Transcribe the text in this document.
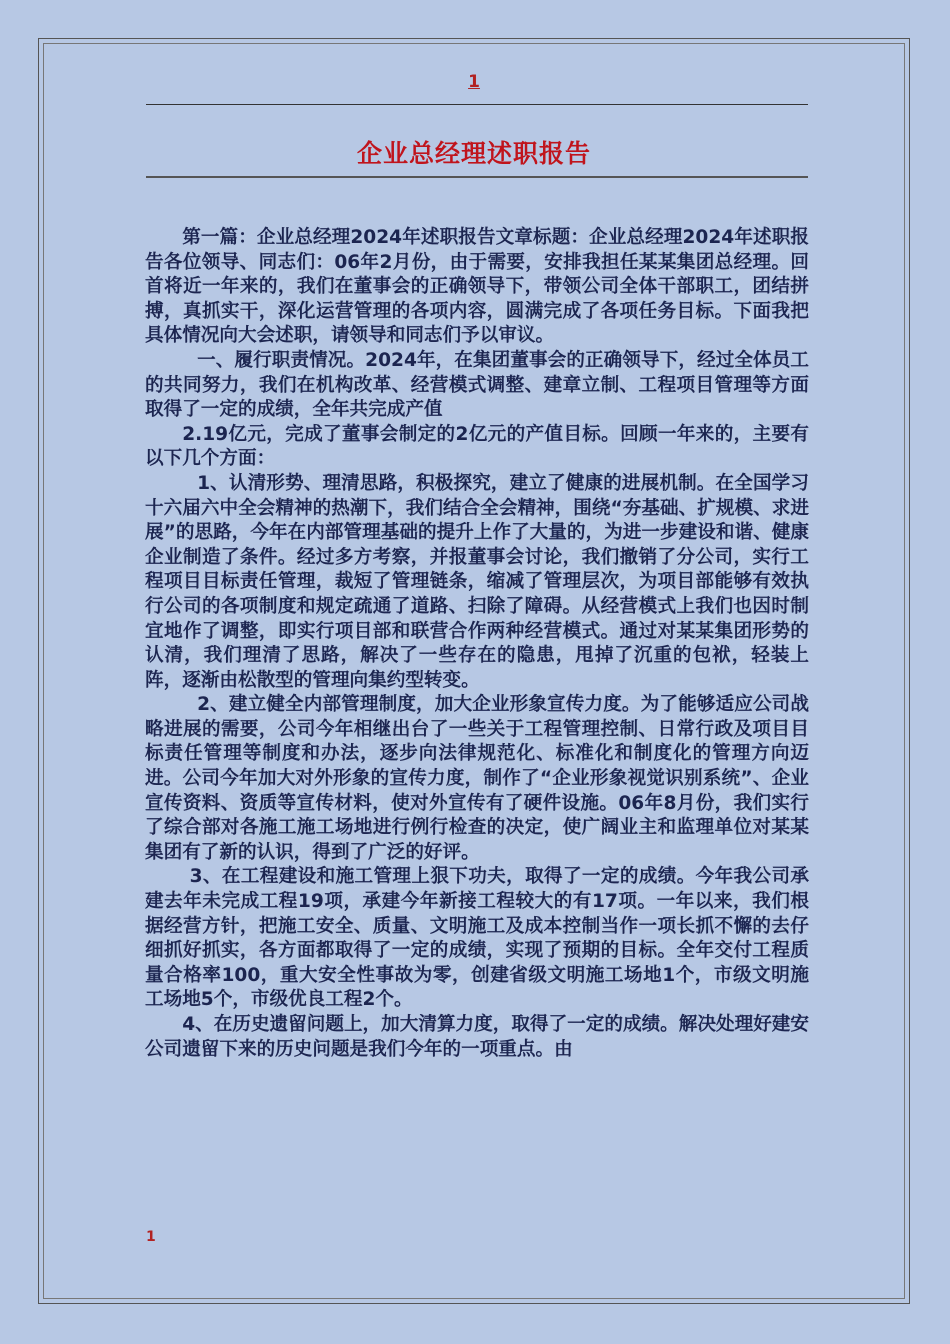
1
企业总经理述职报告

第一篇：企业总经理2024年述职报告文章标题：企业总经理2024年述职报告各位领导、同志们：06年2月份，由于需要，安排我担任某某集团总经理。回首将近一年来的，我们在董事会的正确领导下，带领公司全体干部职工，团结拼搏，真抓实干，深化运营管理的各项内容，圆满完成了各项任务目标。下面我把具体情况向大会述职，请领导和同志们予以审议。

一、履行职责情况。2024年，在集团董事会的正确领导下，经过全体员工的共同努力，我们在机构改革、经营模式调整、建章立制、工程项目管理等方面取得了一定的成绩，全年共完成产值

2.19亿元，完成了董事会制定的2亿元的产值目标。回顾一年来的，主要有以下几个方面：

1、认清形势、理清思路，积极探究，建立了健康的进展机制。在全国学习十六届六中全会精神的热潮下，我们结合全会精神，围绕“夯基础、扩规模、求进展”的思路，今年在内部管理基础的提升上作了大量的，为进一步建设和谐、健康企业制造了条件。经过多方考察，并报董事会讨论，我们撤销了分公司，实行工程项目目标责任管理，裁短了管理链条，缩减了管理层次，为项目部能够有效执行公司的各项制度和规定疏通了道路、扫除了障碍。从经营模式上我们也因时制宜地作了调整，即实行项目部和联营合作两种经营模式。通过对某某集团形势的认清，我们理清了思路，解决了一些存在的隐患，甩掉了沉重的包袱，轻装上阵，逐渐由松散型的管理向集约型转变。

2、建立健全内部管理制度，加大企业形象宣传力度。为了能够适应公司战略进展的需要，公司今年相继出台了一些关于工程管理控制、日常行政及项目目标责任管理等制度和办法，逐步向法律规范化、标准化和制度化的管理方向迈进。公司今年加大对外形象的宣传力度，制作了“企业形象视觉识别系统”、企业宣传资料、资质等宣传材料，使对外宣传有了硬件设施。06年8月份，我们实行了综合部对各施工施工场地进行例行检查的决定，使广阔业主和监理单位对某某集团有了新的认识，得到了广泛的好评。

3、在工程建设和施工管理上狠下功夫，取得了一定的成绩。今年我公司承建去年未完成工程19项，承建今年新接工程较大的有17项。一年以来，我们根据经营方针，把施工安全、质量、文明施工及成本控制当作一项长抓不懈的去仔细抓好抓实，各方面都取得了一定的成绩，实现了预期的目标。全年交付工程质量合格率100，重大安全性事故为零，创建省级文明施工场地1个，市级文明施工场地5个，市级优良工程2个。

4、在历史遗留问题上，加大清算力度，取得了一定的成绩。解决处理好建安公司遗留下来的历史问题是我们今年的一项重点。由

1
